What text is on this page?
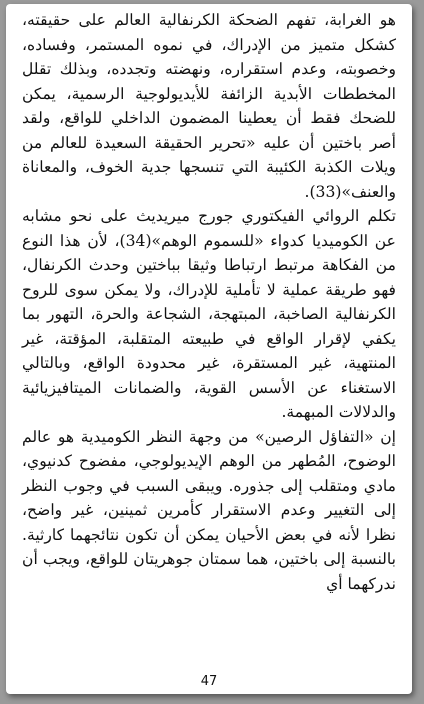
هو الغرابة، تفهم الضحكة الكرنفالية العالم على حقيقته، كشكل متميز من الإدراك، في نموه المستمر، وفساده، وخصوبته، وعدم استقراره، ونهضته وتجدده، وبذلك تقلل المخططات الأبدية الزائفة للأيديولوجية الرسمية، يمكن للضحك فقط أن يعطينا المضمون الداخلي للواقع، ولقد أصر باختين أن عليه «تحرير الحقيقة السعيدة للعالم من ويلات الكذبة الكئيبة التي تنسجها جدية الخوف، والمعاناة والعنف»(33).

تكلم الروائي الفيكتوري جورج ميريديث على نحو مشابه عن الكوميديا كدواء «للسموم الوهم»(34)، لأن هذا النوع من الفكاهة مرتبط ارتباطا وثيقا بباختين وحدث الكرنفال، فهو طريقة عملية لا تأملية للإدراك، ولا يمكن سوى للروح الكرنفالية الصاخبة، المبتهجة، الشجاعة والحرة، التهور بما يكفي لإقرار الواقع في طبيعته المتقلبة، المؤقتة، غير المنتهية، غير المستقرة، غير محدودة الواقع، وبالتالي الاستغناء عن الأسس القوية، والضمانات الميتافيزيائية والدلالات المبهمة.

إن «التفاؤل الرصين» من وجهة النظر الكوميدية هو عالم الوضوح، المُطهر من الوهم الإيديولوجي، مفضوح كدنيوي، مادي ومتقلب إلى جذوره. ويبقى السبب في وجوب النظر إلى التغيير وعدم الاستقرار كأمرين ثمينين، غير واضح، نظرا لأنه في بعض الأحيان يمكن أن تكون نتائجهما كارثية. بالنسبة إلى باختين، هما سمتان جوهريتان للواقع، ويجب أن ندركهما أي

47
